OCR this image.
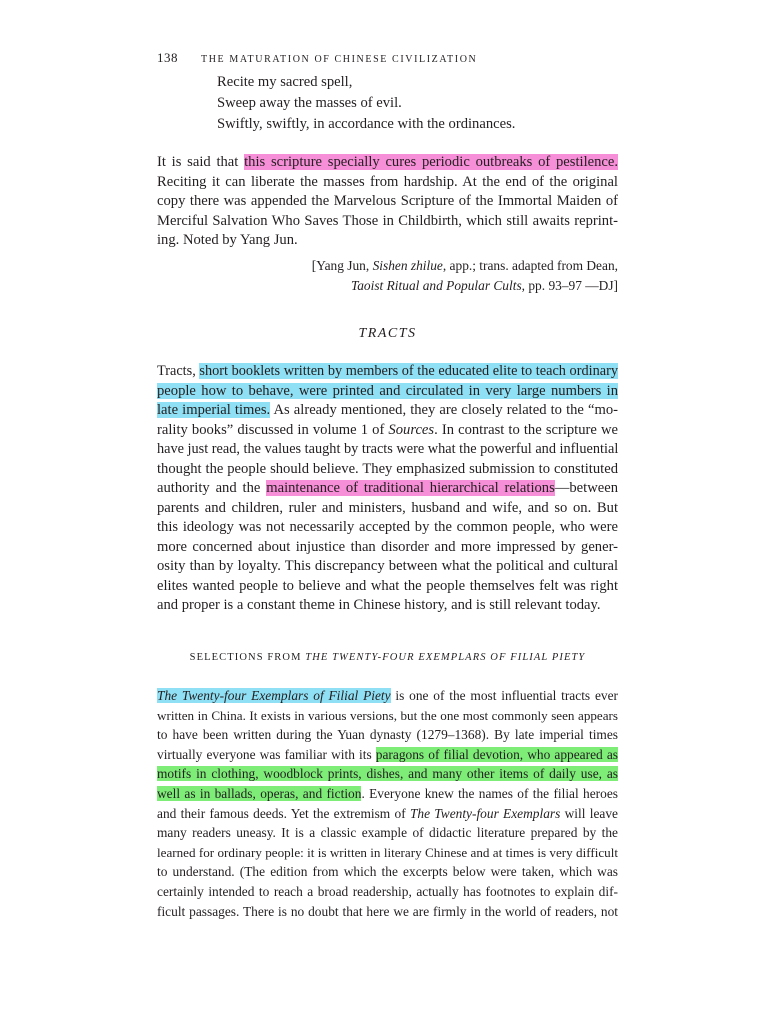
138 THE MATURATION OF CHINESE CIVILIZATION
Recite my sacred spell,
Sweep away the masses of evil.
Swiftly, swiftly, in accordance with the ordinances.
It is said that this scripture specially cures periodic outbreaks of pestilence.
Reciting it can liberate the masses from hardship. At the end of the original
copy there was appended the Marvelous Scripture of the Immortal Maiden of
Merciful Salvation Who Saves Those in Childbirth, which still awaits reprint-
ing. Noted by Yang Jun.
[Yang Jun, Sishen zhilue, app.; trans. adapted from Dean,
Taoist Ritual and Popular Cults, pp. 93–97 —DJ]
TRACTS
Tracts, short booklets written by members of the educated elite to teach ordinary
people how to behave, were printed and circulated in very large numbers in
late imperial times. As already mentioned, they are closely related to the “mo-
rality books” discussed in volume 1 of Sources. In contrast to the scripture we
have just read, the values taught by tracts were what the powerful and influential
thought the people should believe. They emphasized submission to constituted
authority and the maintenance of traditional hierarchical relations—between
parents and children, ruler and ministers, husband and wife, and so on. But
this ideology was not necessarily accepted by the common people, who were
more concerned about injustice than disorder and more impressed by gener-
osity than by loyalty. This discrepancy between what the political and cultural
elites wanted people to believe and what the people themselves felt was right
and proper is a constant theme in Chinese history, and is still relevant today.
SELECTIONS FROM THE TWENTY-FOUR EXEMPLARS OF FILIAL PIETY
The Twenty-four Exemplars of Filial Piety is one of the most influential tracts ever
written in China. It exists in various versions, but the one most commonly seen appears
to have been written during the Yuan dynasty (1279–1368). By late imperial times
virtually everyone was familiar with its paragons of filial devotion, who appeared as
motifs in clothing, woodblock prints, dishes, and many other items of daily use, as
well as in ballads, operas, and fiction. Everyone knew the names of the filial heroes
and their famous deeds. Yet the extremism of The Twenty-four Exemplars will leave
many readers uneasy. It is a classic example of didactic literature prepared by the
learned for ordinary people: it is written in literary Chinese and at times is very difficult
to understand. (The edition from which the excerpts below were taken, which was
certainly intended to reach a broad readership, actually has footnotes to explain dif-
ficult passages. There is no doubt that here we are firmly in the world of readers, not
